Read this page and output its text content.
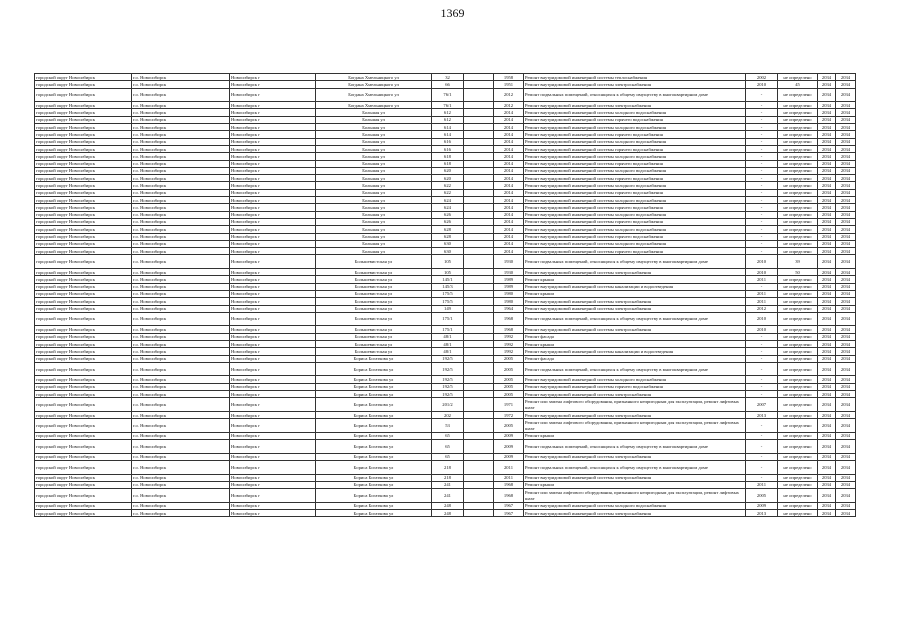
1369
городской округ Новосибирск	г.о. Новосибирск	Новосибирск г	Богдана Хмельницкого ул	32		1958	Ремонт внутридомовой инженерной системы теплоснабжения	2002	не определено	2034	2034
городской округ Новосибирск	г.о. Новосибирск	Новосибирск г	Богдана Хмельницкого ул	66		1951	Ремонт внутридомовой инженерной системы электроснабжения	2010	45	2034	2034
городской округ Новосибирск	г.о. Новосибирск	Новосибирск г	Богдана Хмельницкого ул	76/1		2012	Ремонт подвальных помещений, относящихся к общему имуществу в многоквартирном доме	-	не определено	2034	2034
городской округ Новосибирск	г.о. Новосибирск	Новосибирск г	Богдана Хмельницкого ул	76/1		2012	Ремонт внутридомовой инженерной системы электроснабжения	-	не определено	2034	2034
городской округ Новосибирск	г.о. Новосибирск	Новосибирск г	Большая ул	612		2014	Ремонт внутридомовой инженерной системы холодного водоснабжения	-	не определено	2034	2034
городской округ Новосибирск	г.о. Новосибирск	Новосибирск г	Большая ул	612		2014	Ремонт внутридомовой инженерной системы горячего водоснабжения	-	не определено	2034	2034
городской округ Новосибирск	г.о. Новосибирск	Новосибирск г	Большая ул	614		2014	Ремонт внутридомовой инженерной системы холодного водоснабжения	-	не определено	2034	2034
городской округ Новосибирск	г.о. Новосибирск	Новосибирск г	Большая ул	614		2014	Ремонт внутридомовой инженерной системы горячего водоснабжения	-	не определено	2034	2034
городской округ Новосибирск	г.о. Новосибирск	Новосибирск г	Большая ул	616		2014	Ремонт внутридомовой инженерной системы холодного водоснабжения	-	не определено	2034	2034
городской округ Новосибирск	г.о. Новосибирск	Новосибирск г	Большая ул	616		2014	Ремонт внутридомовой инженерной системы горячего водоснабжения	-	не определено	2034	2034
городской округ Новосибирск	г.о. Новосибирск	Новосибирск г	Большая ул	618		2014	Ремонт внутридомовой инженерной системы холодного водоснабжения	-	не определено	2034	2034
городской округ Новосибирск	г.о. Новосибирск	Новосибирск г	Большая ул	618		2014	Ремонт внутридомовой инженерной системы горячего водоснабжения	-	не определено	2034	2034
городской округ Новосибирск	г.о. Новосибирск	Новосибирск г	Большая ул	620		2014	Ремонт внутридомовой инженерной системы холодного водоснабжения	-	не определено	2034	2034
городской округ Новосибирск	г.о. Новосибирск	Новосибирск г	Большая ул	620		2014	Ремонт внутридомовой инженерной системы горячего водоснабжения	-	не определено	2034	2034
городской округ Новосибирск	г.о. Новосибирск	Новосибирск г	Большая ул	622		2014	Ремонт внутридомовой инженерной системы холодного водоснабжения	-	не определено	2034	2034
городской округ Новосибирск	г.о. Новосибирск	Новосибирск г	Большая ул	622		2014	Ремонт внутридомовой инженерной системы горячего водоснабжения	-	не определено	2034	2034
городской округ Новосибирск	г.о. Новосибирск	Новосибирск г	Большая ул	624		2014	Ремонт внутридомовой инженерной системы холодного водоснабжения	-	не определено	2034	2034
городской округ Новосибирск	г.о. Новосибирск	Новосибирск г	Большая ул	624		2014	Ремонт внутридомовой инженерной системы горячего водоснабжения	-	не определено	2034	2034
городской округ Новосибирск	г.о. Новосибирск	Новосибирск г	Большая ул	626		2014	Ремонт внутридомовой инженерной системы холодного водоснабжения	-	не определено	2034	2034
городской округ Новосибирск	г.о. Новосибирск	Новосибирск г	Большая ул	626		2014	Ремонт внутридомовой инженерной системы горячего водоснабжения	-	не определено	2034	2034
городской округ Новосибирск	г.о. Новосибирск	Новосибирск г	Большая ул	628		2014	Ремонт внутридомовой инженерной системы холодного водоснабжения	-	не определено	2034	2034
городской округ Новосибирск	г.о. Новосибирск	Новосибирск г	Большая ул	628		2014	Ремонт внутридомовой инженерной системы горячего водоснабжения	-	не определено	2034	2034
городской округ Новосибирск	г.о. Новосибирск	Новосибирск г	Большая ул	630		2014	Ремонт внутридомовой инженерной системы холодного водоснабжения	-	не определено	2034	2034
городской округ Новосибирск	г.о. Новосибирск	Новосибирск г	Большая ул	630		2014	Ремонт внутридомовой инженерной системы горячего водоснабжения	-	не определено	2034	2034
городской округ Новосибирск	г.о. Новосибирск	Новосибирск г	Большевистская ул	105		1930	Ремонт подвальных помещений, относящихся к общему имуществу в многоквартирном доме	2010	39	2034	2034
городской округ Новосибирск	г.о. Новосибирск	Новосибирск г	Большевистская ул	105		1930	Ремонт внутридомовой инженерной системы электроснабжения	2010	50	2034	2034
городской округ Новосибирск	г.о. Новосибирск	Новосибирск г	Большевистская ул	145/1		1989	Ремонт крыши	2011	не определено	2034	2034
городской округ Новосибирск	г.о. Новосибирск	Новосибирск г	Большевистская ул	145/3		1989	Ремонт внутридомовой инженерной системы канализации и водоотведения	-	не определено	2034	2034
городской округ Новосибирск	г.о. Новосибирск	Новосибирск г	Большевистская ул	175/5		1980	Ремонт крыши	2011	не определено	2034	2034
городской округ Новосибирск	г.о. Новосибирск	Новосибирск г	Большевистская ул	175/5		1980	Ремонт внутридомовой инженерной системы электроснабжения	2011	не определено	2034	2034
городской округ Новосибирск	г.о. Новосибирск	Новосибирск г	Большевистская ул	149		1964	Ремонт внутридомовой инженерной системы электроснабжения	2012	не определено	2034	2034
городской округ Новосибирск	г.о. Новосибирск	Новосибирск г	Большевистская ул	175/1		1968	Ремонт подвальных помещений, относящихся к общему имуществу в многоквартирном доме	2010	не определено	2034	2034
городской округ Новосибирск	г.о. Новосибирск	Новосибирск г	Большевистская ул	175/1		1968	Ремонт внутридомовой инженерной системы электроснабжения	2010	не определено	2034	2034
городской округ Новосибирск	г.о. Новосибирск	Новосибирск г	Большевистская ул	48/1		1992	Ремонт фасада	-	не определено	2034	2034
городской округ Новосибирск	г.о. Новосибирск	Новосибирск г	Большевистская ул	48/1		1992	Ремонт крыши	-	не определено	2034	2034
городской округ Новосибирск	г.о. Новосибирск	Новосибирск г	Большевистская ул	48/1		1992	Ремонт внутридомовой инженерной системы канализации и водоотведения	-	не определено	2034	2034
городской округ Новосибирск	г.о. Новосибирск	Новосибирск г	Бориса Богаткова ул	192/5		2005	Ремонт фасада	-	не определено	2034	2034
городской округ Новосибирск	г.о. Новосибирск	Новосибирск г	Бориса Богаткова ул	192/5		2005	Ремонт подвальных помещений, относящихся к общему имуществу в многоквартирном доме	-	не определено	2034	2034
городской округ Новосибирск	г.о. Новосибирск	Новосибирск г	Бориса Богаткова ул	192/5		2005	Ремонт внутридомовой инженерной системы холодного водоснабжения	-	не определено	2034	2034
городской округ Новосибирск	г.о. Новосибирск	Новосибирск г	Бориса Богаткова ул	192/5		2005	Ремонт внутридомовой инженерной системы горячего водоснабжения	-	не определено	2034	2034
городской округ Новосибирск	г.о. Новосибирск	Новосибирск г	Бориса Богаткова ул	192/5		2005	Ремонт внутридомовой инженерной системы электроснабжения	-	не определено	2034	2034
городской округ Новосибирск	г.о. Новосибирск	Новосибирск г	Бориса Богаткова ул	201/2		1971	Ремонт или замена лифтового оборудования, признанного непригодным для эксплуатации, ремонт лифтовых шахт	2007	не определено	2034	2034
городской округ Новосибирск	г.о. Новосибирск	Новосибирск г	Бориса Богаткова ул	202		1972	Ремонт внутридомовой инженерной системы электроснабжения	2013	не определено	2034	2034
городской округ Новосибирск	г.о. Новосибирск	Новосибирск г	Бориса Богаткова ул	53		2005	Ремонт или замена лифтового оборудования, признанного непригодным для эксплуатации, ремонт лифтовых шахт	-	не определено	2034	2034
городской округ Новосибирск	г.о. Новосибирск	Новосибирск г	Бориса Богаткова ул	65		2009	Ремонт крыши	-	не определено	2034	2034
городской округ Новосибирск	г.о. Новосибирск	Новосибирск г	Бориса Богаткова ул	65		2009	Ремонт подвальных помещений, относящихся к общему имуществу в многоквартирном доме	-	не определено	2034	2034
городской округ Новосибирск	г.о. Новосибирск	Новосибирск г	Бориса Богаткова ул	65		2009	Ремонт внутридомовой инженерной системы электроснабжения	-	не определено	2034	2034
городской округ Новосибирск	г.о. Новосибирск	Новосибирск г	Бориса Богаткова ул	218		2011	Ремонт подвальных помещений, относящихся к общему имуществу в многоквартирном доме	-	не определено	2034	2034
городской округ Новосибирск	г.о. Новосибирск	Новосибирск г	Бориса Богаткова ул	218		2011	Ремонт внутридомовой инженерной системы электроснабжения	-	не определено	2034	2034
городской округ Новосибирск	г.о. Новосибирск	Новосибирск г	Бориса Богаткова ул	241		1968	Ремонт крыши	2011	не определено	2034	2034
городской округ Новосибирск	г.о. Новосибирск	Новосибирск г	Бориса Богаткова ул	241		1968	Ремонт или замена лифтового оборудования, признанного непригодным для эксплуатации, ремонт лифтовых шахт	2005	не определено	2034	2034
городской округ Новосибирск	г.о. Новосибирск	Новосибирск г	Бориса Богаткова ул	248		1967	Ремонт внутридомовой инженерной системы холодного водоснабжения	2009	не определено	2034	2034
городской округ Новосибирск	г.о. Новосибирск	Новосибирск г	Бориса Богаткова ул	248		1967	Ремонт внутридомовой инженерной системы электроснабжения	2013	не определено	2034	2034
